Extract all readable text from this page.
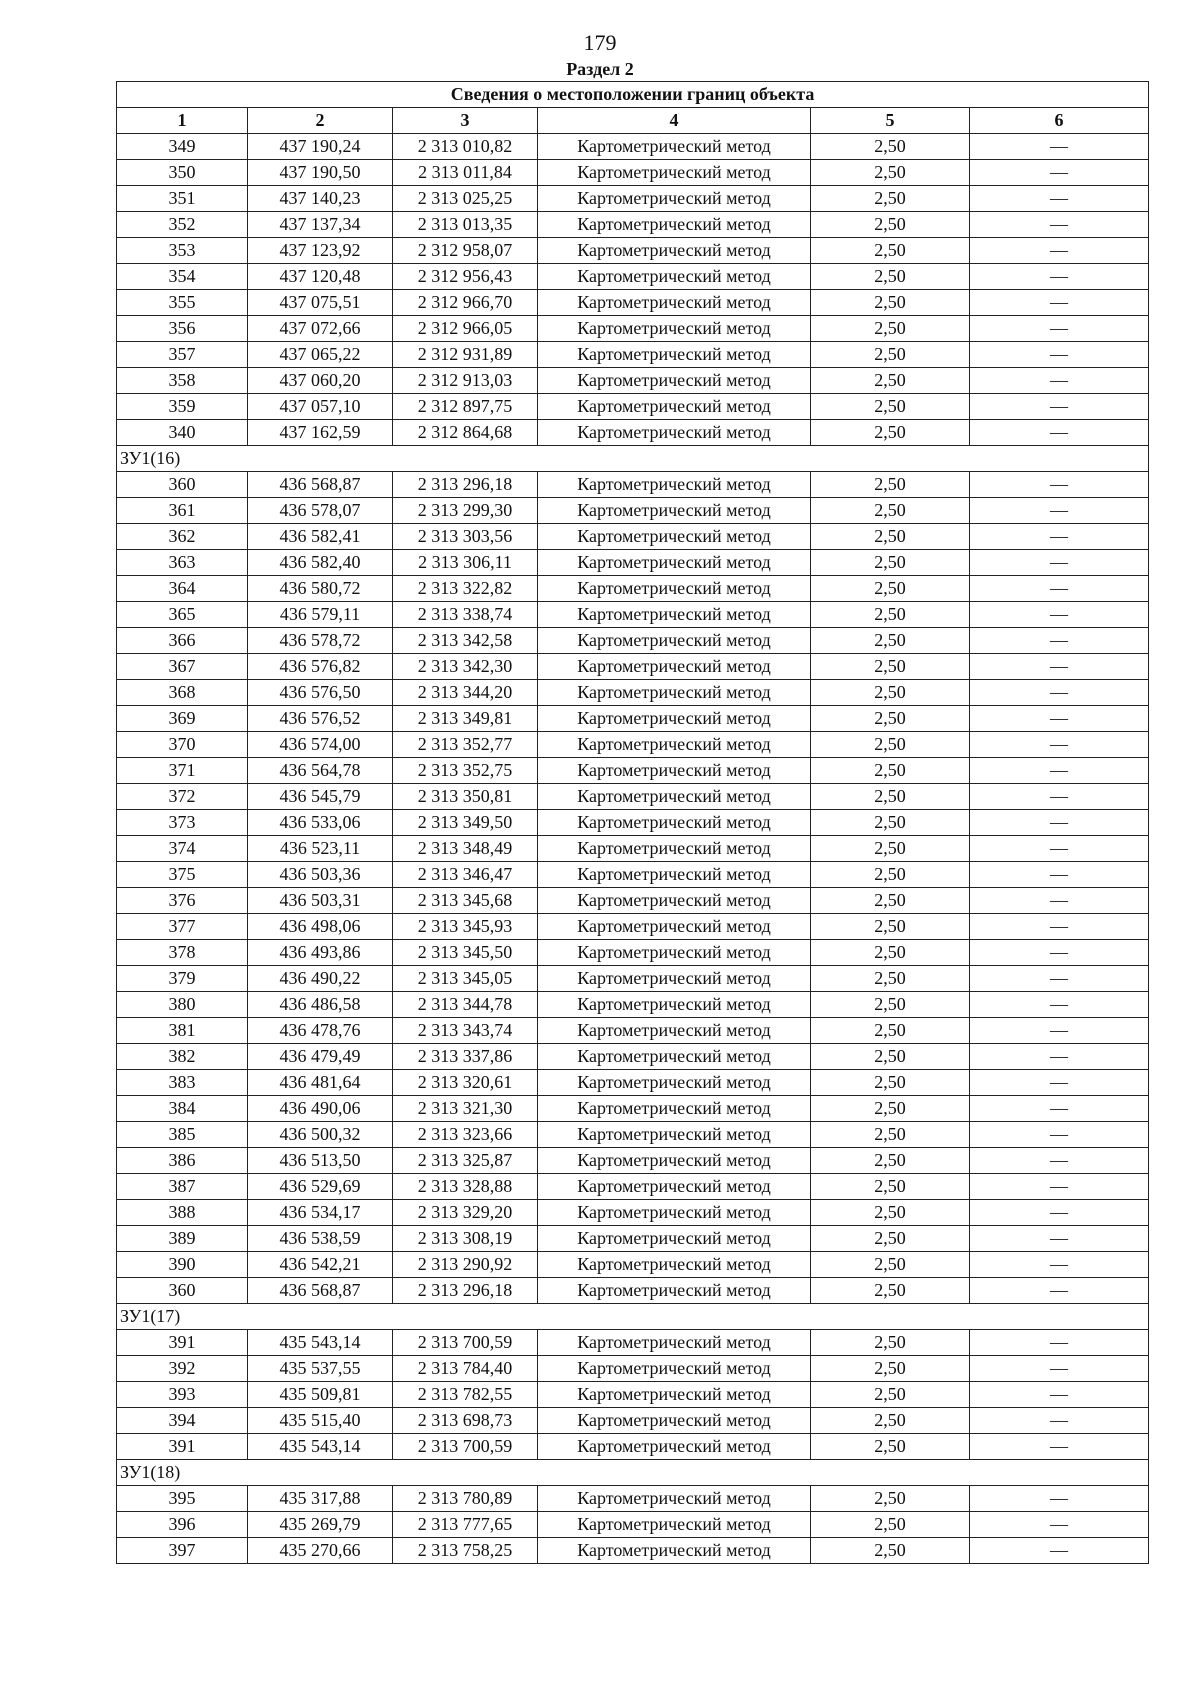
179
Раздел 2
Сведения о местоположении границ объекта					
1	2	3	4	5	6
349	437 190,24	2 313 010,82	Картометрический метод	2,50	—
350	437 190,50	2 313 011,84	Картометрический метод	2,50	—
351	437 140,23	2 313 025,25	Картометрический метод	2,50	—
352	437 137,34	2 313 013,35	Картометрический метод	2,50	—
353	437 123,92	2 312 958,07	Картометрический метод	2,50	—
354	437 120,48	2 312 956,43	Картометрический метод	2,50	—
355	437 075,51	2 312 966,70	Картометрический метод	2,50	—
356	437 072,66	2 312 966,05	Картометрический метод	2,50	—
357	437 065,22	2 312 931,89	Картометрический метод	2,50	—
358	437 060,20	2 312 913,03	Картометрический метод	2,50	—
359	437 057,10	2 312 897,75	Картометрический метод	2,50	—
340	437 162,59	2 312 864,68	Картометрический метод	2,50	—
ЗУ1(16)					
360	436 568,87	2 313 296,18	Картометрический метод	2,50	—
361	436 578,07	2 313 299,30	Картометрический метод	2,50	—
362	436 582,41	2 313 303,56	Картометрический метод	2,50	—
363	436 582,40	2 313 306,11	Картометрический метод	2,50	—
364	436 580,72	2 313 322,82	Картометрический метод	2,50	—
365	436 579,11	2 313 338,74	Картометрический метод	2,50	—
366	436 578,72	2 313 342,58	Картометрический метод	2,50	—
367	436 576,82	2 313 342,30	Картометрический метод	2,50	—
368	436 576,50	2 313 344,20	Картометрический метод	2,50	—
369	436 576,52	2 313 349,81	Картометрический метод	2,50	—
370	436 574,00	2 313 352,77	Картометрический метод	2,50	—
371	436 564,78	2 313 352,75	Картометрический метод	2,50	—
372	436 545,79	2 313 350,81	Картометрический метод	2,50	—
373	436 533,06	2 313 349,50	Картометрический метод	2,50	—
374	436 523,11	2 313 348,49	Картометрический метод	2,50	—
375	436 503,36	2 313 346,47	Картометрический метод	2,50	—
376	436 503,31	2 313 345,68	Картометрический метод	2,50	—
377	436 498,06	2 313 345,93	Картометрический метод	2,50	—
378	436 493,86	2 313 345,50	Картометрический метод	2,50	—
379	436 490,22	2 313 345,05	Картометрический метод	2,50	—
380	436 486,58	2 313 344,78	Картометрический метод	2,50	—
381	436 478,76	2 313 343,74	Картометрический метод	2,50	—
382	436 479,49	2 313 337,86	Картометрический метод	2,50	—
383	436 481,64	2 313 320,61	Картометрический метод	2,50	—
384	436 490,06	2 313 321,30	Картометрический метод	2,50	—
385	436 500,32	2 313 323,66	Картометрический метод	2,50	—
386	436 513,50	2 313 325,87	Картометрический метод	2,50	—
387	436 529,69	2 313 328,88	Картометрический метод	2,50	—
388	436 534,17	2 313 329,20	Картометрический метод	2,50	—
389	436 538,59	2 313 308,19	Картометрический метод	2,50	—
390	436 542,21	2 313 290,92	Картометрический метод	2,50	—
360	436 568,87	2 313 296,18	Картометрический метод	2,50	—
ЗУ1(17)					
391	435 543,14	2 313 700,59	Картометрический метод	2,50	—
392	435 537,55	2 313 784,40	Картометрический метод	2,50	—
393	435 509,81	2 313 782,55	Картометрический метод	2,50	—
394	435 515,40	2 313 698,73	Картометрический метод	2,50	—
391	435 543,14	2 313 700,59	Картометрический метод	2,50	—
ЗУ1(18)					
395	435 317,88	2 313 780,89	Картометрический метод	2,50	—
396	435 269,79	2 313 777,65	Картометрический метод	2,50	—
397	435 270,66	2 313 758,25	Картометрический метод	2,50	—
